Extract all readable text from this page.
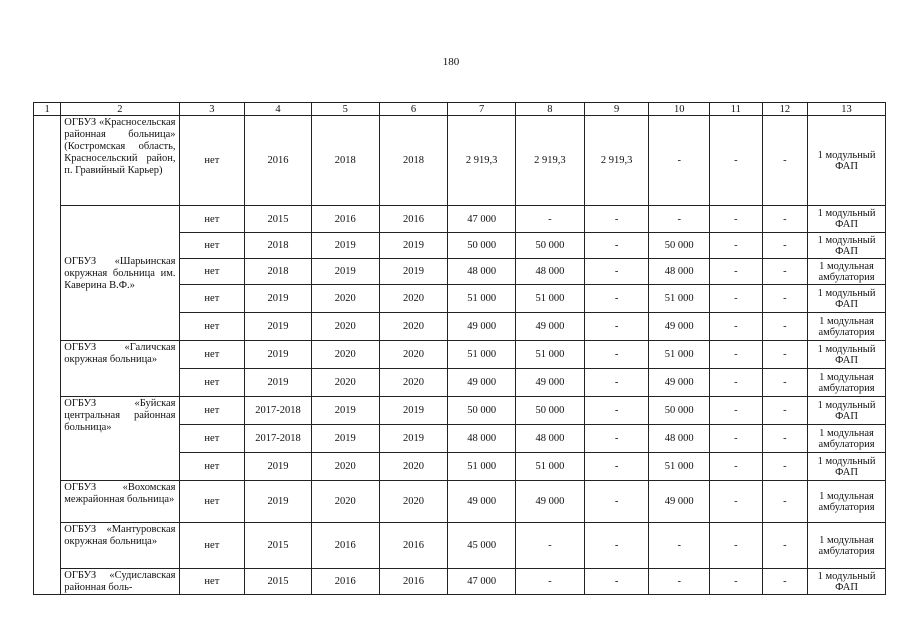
180
1	2	3	4	5	6	7	8	9	10	11	12	13
	ОГБУЗ «Красносельская районная больница» (Костромская область, Красносельский район, п. Гравийный Карьер)	нет	2016	2018	2018	2 919,3	2 919,3	2 919,3	-	-	-	1 модульный ФАП
	ОГБУЗ «Шарьинская окружная больница им. Каверина В.Ф.»	нет	2015	2016	2016	47 000	-	-	-	-	-	1 модульный ФАП
		нет	2018	2019	2019	50 000	50 000	-	50 000	-	-	1 модульный ФАП
		нет	2018	2019	2019	48 000	48 000	-	48 000	-	-	1 модульная амбулатория
		нет	2019	2020	2020	51 000	51 000	-	51 000	-	-	1 модульный ФАП
		нет	2019	2020	2020	49 000	49 000	-	49 000	-	-	1 модульная амбулатория
	ОГБУЗ «Галичская окружная больница»	нет	2019	2020	2020	51 000	51 000	-	51 000	-	-	1 модульный ФАП
		нет	2019	2020	2020	49 000	49 000	-	49 000	-	-	1 модульная амбулатория
	ОГБУЗ «Буйская центральная районная больница»	нет	2017-2018	2019	2019	50 000	50 000	-	50 000	-	-	1 модульный ФАП
		нет	2017-2018	2019	2019	48 000	48 000	-	48 000	-	-	1 модульная амбулатория
		нет	2019	2020	2020	51 000	51 000	-	51 000	-	-	1 модульный ФАП
	ОГБУЗ «Вохомская межрайонная больница»	нет	2019	2020	2020	49 000	49 000	-	49 000	-	-	1 модульная амбулатория
	ОГБУЗ «Мантуровская окружная больница»	нет	2015	2016	2016	45 000	-	-	-	-	-	1 модульная амбулатория
	ОГБУЗ «Судиславская районная боль-	нет	2015	2016	2016	47 000	-	-	-	-	-	1 модульный ФАП
